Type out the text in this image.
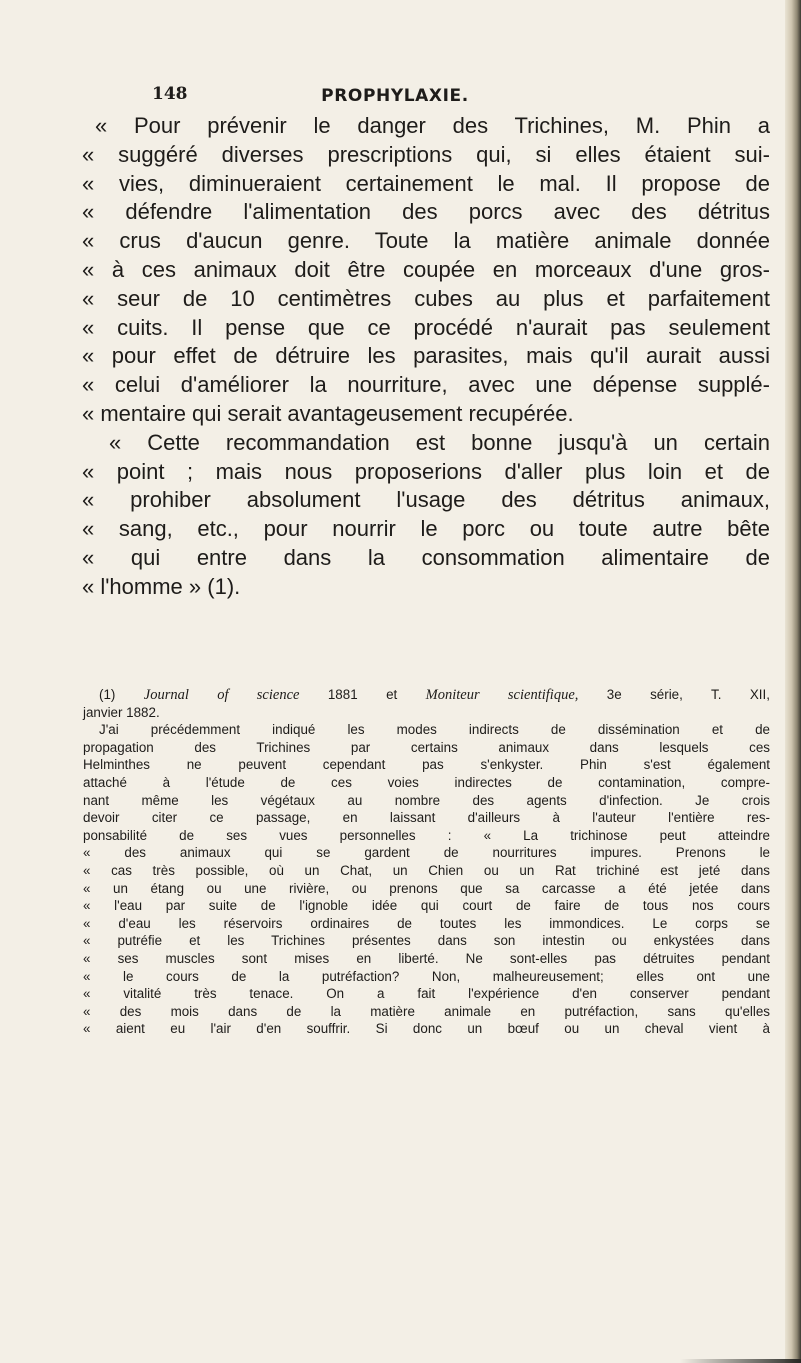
148	PROPHYLAXIE.
« Pour prévenir le danger des Trichines, M. Phin a
« suggéré diverses prescriptions qui, si elles étaient sui-
« vies, diminueraient certainement le mal. Il propose de
« défendre l'alimentation des porcs avec des détritus
« crus d'aucun genre. Toute la matière animale donnée
« à ces animaux doit être coupée en morceaux d'une gros-
« seur de 10 centimètres cubes au plus et parfaitement
« cuits. Il pense que ce procédé n'aurait pas seulement
« pour effet de détruire les parasites, mais qu'il aurait aussi
« celui d'améliorer la nourriture, avec une dépense supplé-
« mentaire qui serait avantageusement recupérée.
« Cette recommandation est bonne jusqu'à un certain
« point ; mais nous proposerions d'aller plus loin et de
« prohiber absolument l'usage des détritus animaux,
« sang, etc., pour nourrir le porc ou toute autre bête
« qui entre dans la consommation alimentaire de
« l'homme » (1).
(1) Journal of science 1881 et Moniteur scientifique, 3e série, T. XII,
janvier 1882.
J'ai précédemment indiqué les modes indirects de dissémination et de
propagation des Trichines par certains animaux dans lesquels ces
Helminthes ne peuvent cependant pas s'enkyster. Phin s'est également
attaché à l'étude de ces voies indirectes de contamination, compre-
nant même les végétaux au nombre des agents d'infection. Je crois
devoir citer ce passage, en laissant d'ailleurs à l'auteur l'entière res-
ponsabilité de ses vues personnelles : « La trichinose peut atteindre
« des animaux qui se gardent de nourritures impures. Prenons le
« cas très possible, où un Chat, un Chien ou un Rat trichiné est jeté dans
« un étang ou une rivière, ou prenons que sa carcasse a été jetée dans
« l'eau par suite de l'ignoble idée qui court de faire de tous nos cours
« d'eau les réservoirs ordinaires de toutes les immondices. Le corps se
« putréfie et les Trichines présentes dans son intestin ou enkystées dans
« ses muscles sont mises en liberté. Ne sont-elles pas détruites pendant
« le cours de la putréfaction? Non, malheureusement; elles ont une
« vitalité très tenace. On a fait l'expérience d'en conserver pendant
« des mois dans de la matière animale en putréfaction, sans qu'elles
« aient eu l'air d'en souffrir. Si donc un bœuf ou un cheval vient à
